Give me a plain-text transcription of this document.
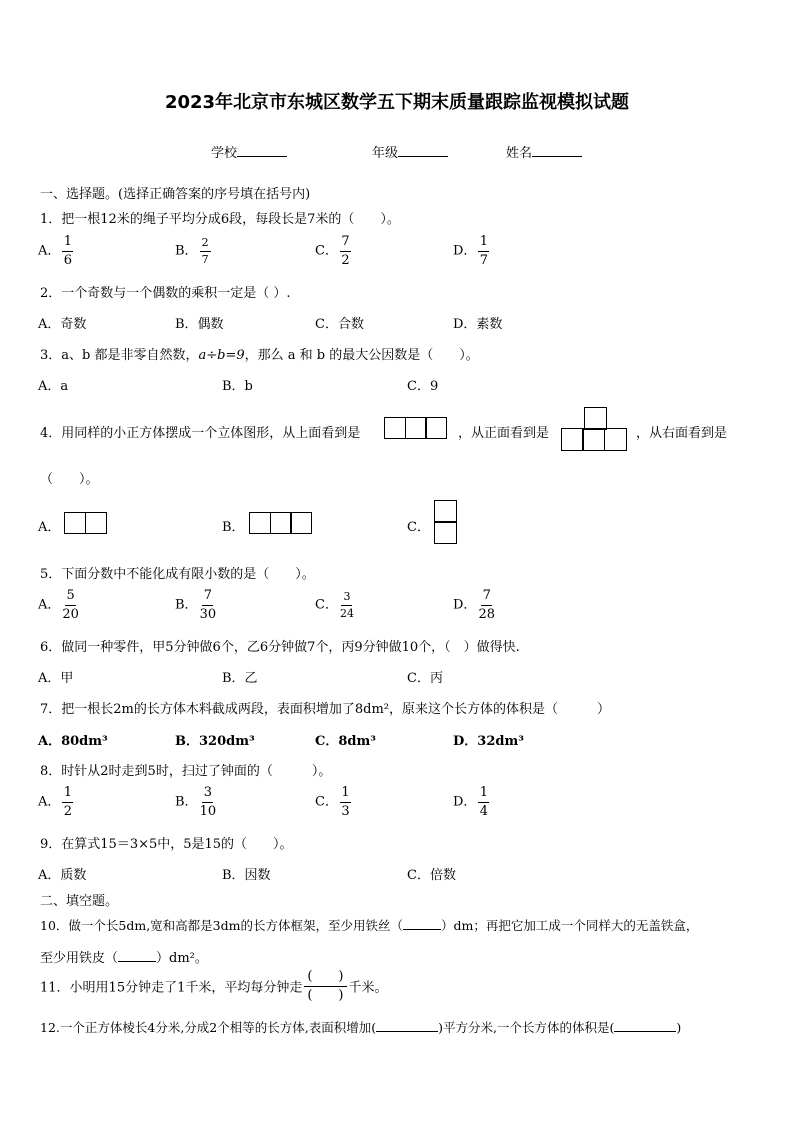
2023年北京市东城区数学五下期末质量跟踪监视模拟试题
学校	年级	姓名
一、选择题。(选择正确答案的序号填在括号内)
1．把一根12米的绳子平均分成6段，每段长是7米的（　　）。
A． $\frac{1}{6}$	B． $\frac{2}{7}$	C． $\frac{7}{2}$	D． $\frac{1}{7}$
2．一个奇数与一个偶数的乘积一定是（ ）.
A．奇数	B．偶数	C．合数	D．素数
3．a、b 都是非零自然数，a÷b=9，那么 a 和 b 的最大公因数是（　　）。
A．a	B．b	C．9
4．用同样的小正方体摆成一个立体图形，从上面看到是	，从正面看到是	，从右面看到是
（　　）。
A．	B．	C．
5．下面分数中不能化成有限小数的是（　　）。
A． $\frac{5}{20}$	B． $\frac{7}{30}$	C． $\frac{3}{24}$	D． $\frac{7}{28}$
6．做同一种零件，甲5分钟做6个，乙6分钟做7个，丙9分钟做10个，（　）做得快.
A．甲	B．乙	C．丙
7．把一根长2m的长方体木料截成两段，表面积增加了8dm²，原来这个长方体的体积是（　　　）
A．80dm³	B．320dm³	C．8dm³	D．32dm³
8．时针从2时走到5时，扫过了钟面的（　　　）。
A． $\frac{1}{2}$	B． $\frac{3}{10}$	C． $\frac{1}{3}$	D． $\frac{1}{4}$
9．在算式15＝3×5中，5是15的（　　）。
A．质数	B．因数	C．倍数
二、填空题。
10．做一个长5dm,宽和高都是3dm的长方体框架，至少用铁丝（	）dm；再把它加工成一个同样大的无盖铁盒，
至少用铁皮（	）dm²。
11．小明用15分钟走了1千米，平均每分钟走 $\frac{( )}{( )}$ 千米。
12.一个正方体棱长4分米,分成2个相等的长方体,表面积增加(	)平方分米,一个长方体的体积是(	)
